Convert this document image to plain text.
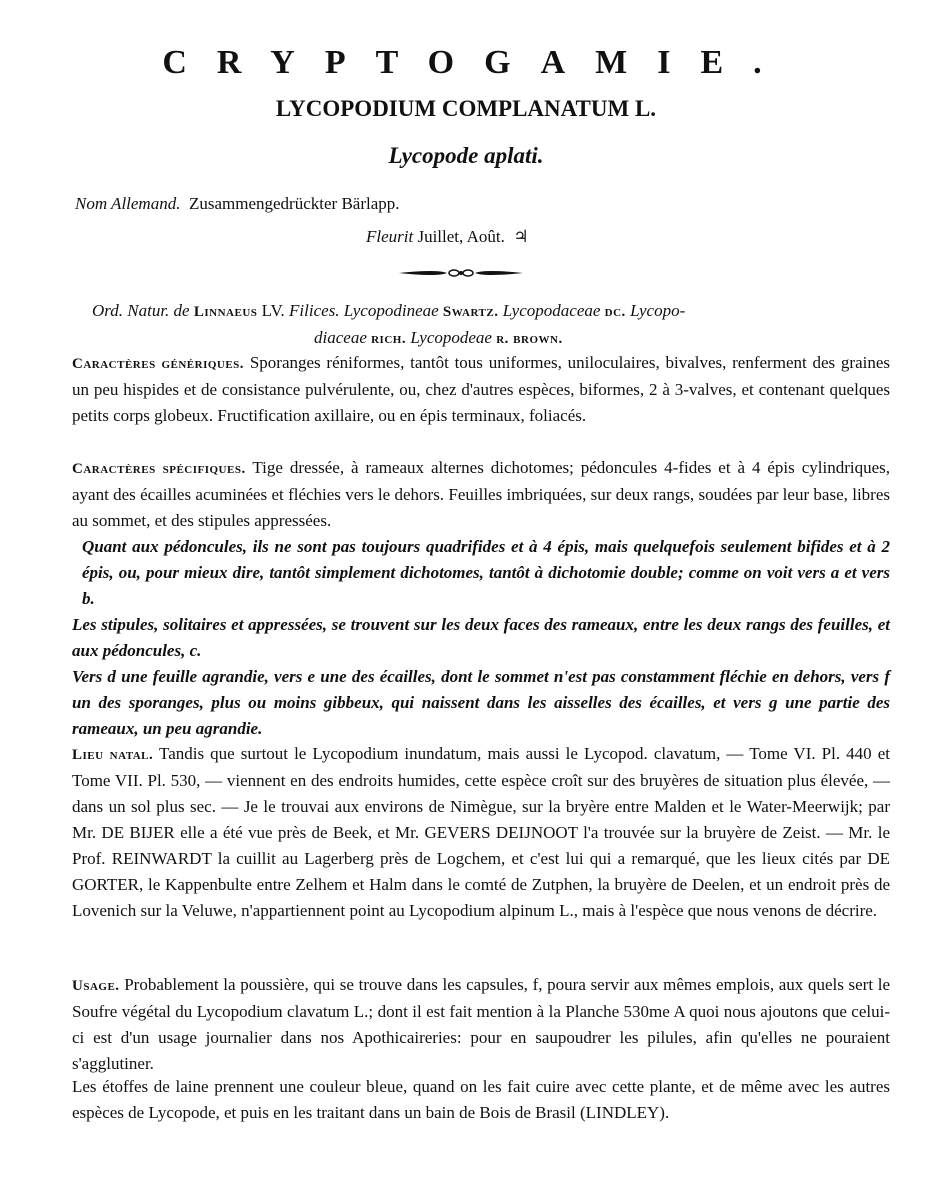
CRYPTOGAMIE.
LYCOPODIUM COMPLANATUM L.
Lycopode aplati.
Nom Allemand. Zusammengedrückter Bärlapp.
Fleurit Juillet, Août. ♃
Ord. Natur. de Linnaeus LV. Filices. Lycopodineae Swartz. Lycopodaceae dc. Lycopo-
diaceae rich. Lycopodeae r. brown.

Caractères génériques. Sporanges réniformes, tantôt tous uniformes, uniloculaires, bivalves, renferment des graines un peu hispides et de consistance pulvérulente, ou, chez d'autres espèces, biformes, 2 à 3-valves, et contenant quelques petits corps globeux. Fructification axillaire, ou en épis terminaux, foliacés.

Caractères spécifiques. Tige dressée, à rameaux alternes dichotomes; pédoncules 4-fides et à 4 épis cylindriques, ayant des écailles acuminées et fléchies vers le dehors. Feuilles imbriquées, sur deux rangs, soudées par leur base, libres au sommet, et des stipules appressées.

Quant aux pédoncules, ils ne sont pas toujours quadrifides et à 4 épis, mais quelquefois seulement bifides et à 2 épis, ou, pour mieux dire, tantôt simplement dichotomes, tantôt à dichotomie double; comme on voit vers a et vers b.

Les stipules, solitaires et appressées, se trouvent sur les deux faces des rameaux, entre les deux rangs des feuilles, et aux pédoncules, c.

Vers d une feuille agrandie, vers e une des écailles, dont le sommet n'est pas constamment fléchie en dehors, vers f un des sporanges, plus ou moins gibbeux, qui naissent dans les aisselles des écailles, et vers g une partie des rameaux, un peu agrandie.

Lieu natal. Tandis que surtout le Lycopodium inundatum, mais aussi le Lycopod. clavatum, — Tome VI. Pl. 440 et Tome VII. Pl. 530, — viennent en des endroits humides, cette espèce croît sur des bruyères de situation plus élevée, — dans un sol plus sec. — Je le trouvai aux environs de Nimègue, sur la bryère entre Malden et le Water-Meerwijk; par Mr. DE BIJER elle a été vue près de Beek, et Mr. GEVERS DEIJNOOT l'a trouvée sur la bruyère de Zeist. — Mr. le Prof. REINWARDT la cuillit au Lagerberg près de Logchem, et c'est lui qui a remarqué, que les lieux cités par DE GORTER, le Kappenbulte entre Zelhem et Halm dans le comté de Zutphen, la bruyère de Deelen, et un endroit près de Lovenich sur la Veluwe, n'appartiennent point au Lycopodium alpinum L., mais à l'espèce que nous venons de décrire.

Usage. Probablement la poussière, qui se trouve dans les capsules, f, poura servir aux mêmes emplois, aux quels sert le Soufre végétal du Lycopodium clavatum L.; dont il est fait mention à la Planche 530me A quoi nous ajoutons que celui-ci est d'un usage journalier dans nos Apothicaireries: pour en saupoudrer les pilules, afin qu'elles ne pouraient s'agglutiner.

Les étoffes de laine prennent une couleur bleue, quand on les fait cuire avec cette plante, et de même avec les autres espèces de Lycopode, et puis en les traitant dans un bain de Bois de Brasil (LINDLEY).
